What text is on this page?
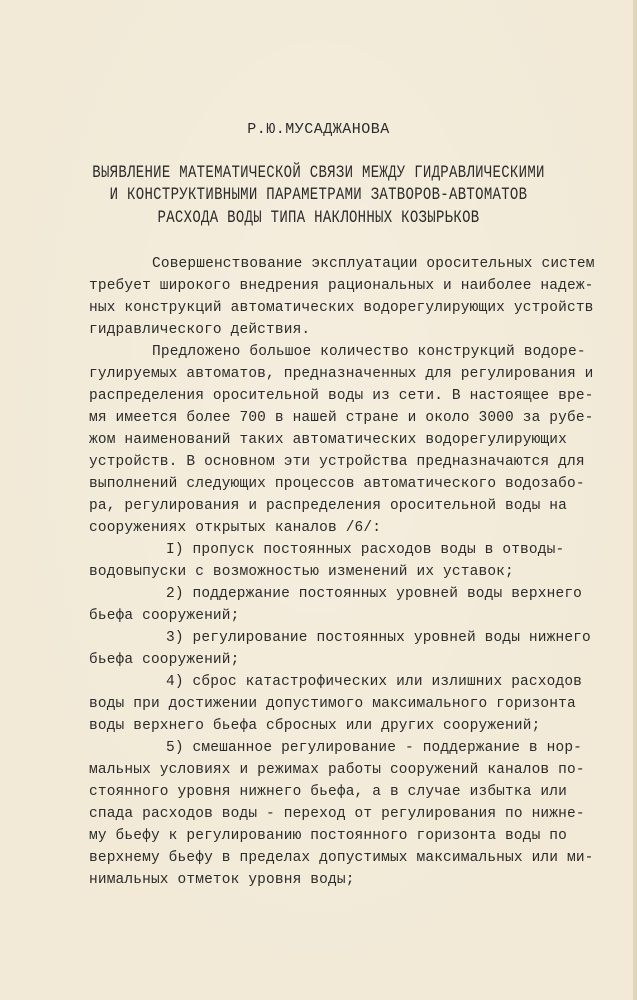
Р.Ю.МУСАДЖАНОВА
ВЫЯВЛЕНИЕ МАТЕМАТИЧЕСКОЙ СВЯЗИ МЕЖДУ ГИДРАВЛИЧЕСКИМИ
И КОНСТРУКТИВНЫМИ ПАРАМЕТРАМИ ЗАТВОРОВ-АВТОМАТОВ
РАСХОДА ВОДЫ ТИПА НАКЛОННЫХ КОЗЫРЬКОВ
Совершенствование эксплуатации оросительных систем
требует широкого внедрения рациональных и наиболее надеж-
ных конструкций автоматических водорегулирующих устройств
гидравлического действия.
Предложено большое количество конструкций водоре-
гулируемых автоматов, предназначенных для регулирования и
распределения оросительной воды из сети. В настоящее вре-
мя имеется более 700 в нашей стране и около 3000 за рубе-
жом наименований таких автоматических водорегулирующих
устройств. В основном эти устройства предназначаются для
выполнений следующих процессов автоматического водозабо-
ра, регулирования и распределения оросительной воды на
сооружениях открытых каналов /6/:
I) пропуск постоянных расходов воды в отводы-
водовыпуски с возможностью изменений их уставок;
2) поддержание постоянных уровней воды верхнего
бьефа сооружений;
3) регулирование постоянных уровней воды нижнего
бьефа сооружений;
4) сброс катастрофических или излишних расходов
воды при достижении допустимого максимального горизонта
воды верхнего бьефа сбросных или других сооружений;
5) смешанное регулирование - поддержание в нор-
мальных условиях и режимах работы сооружений каналов по-
стоянного уровня нижнего бьефа, а в случае избытка или
спада расходов воды - переход от регулирования по нижне-
му бьефу к регулированию постоянного горизонта воды по
верхнему бьефу в пределах допустимых максимальных или ми-
нимальных отметок уровня воды;
